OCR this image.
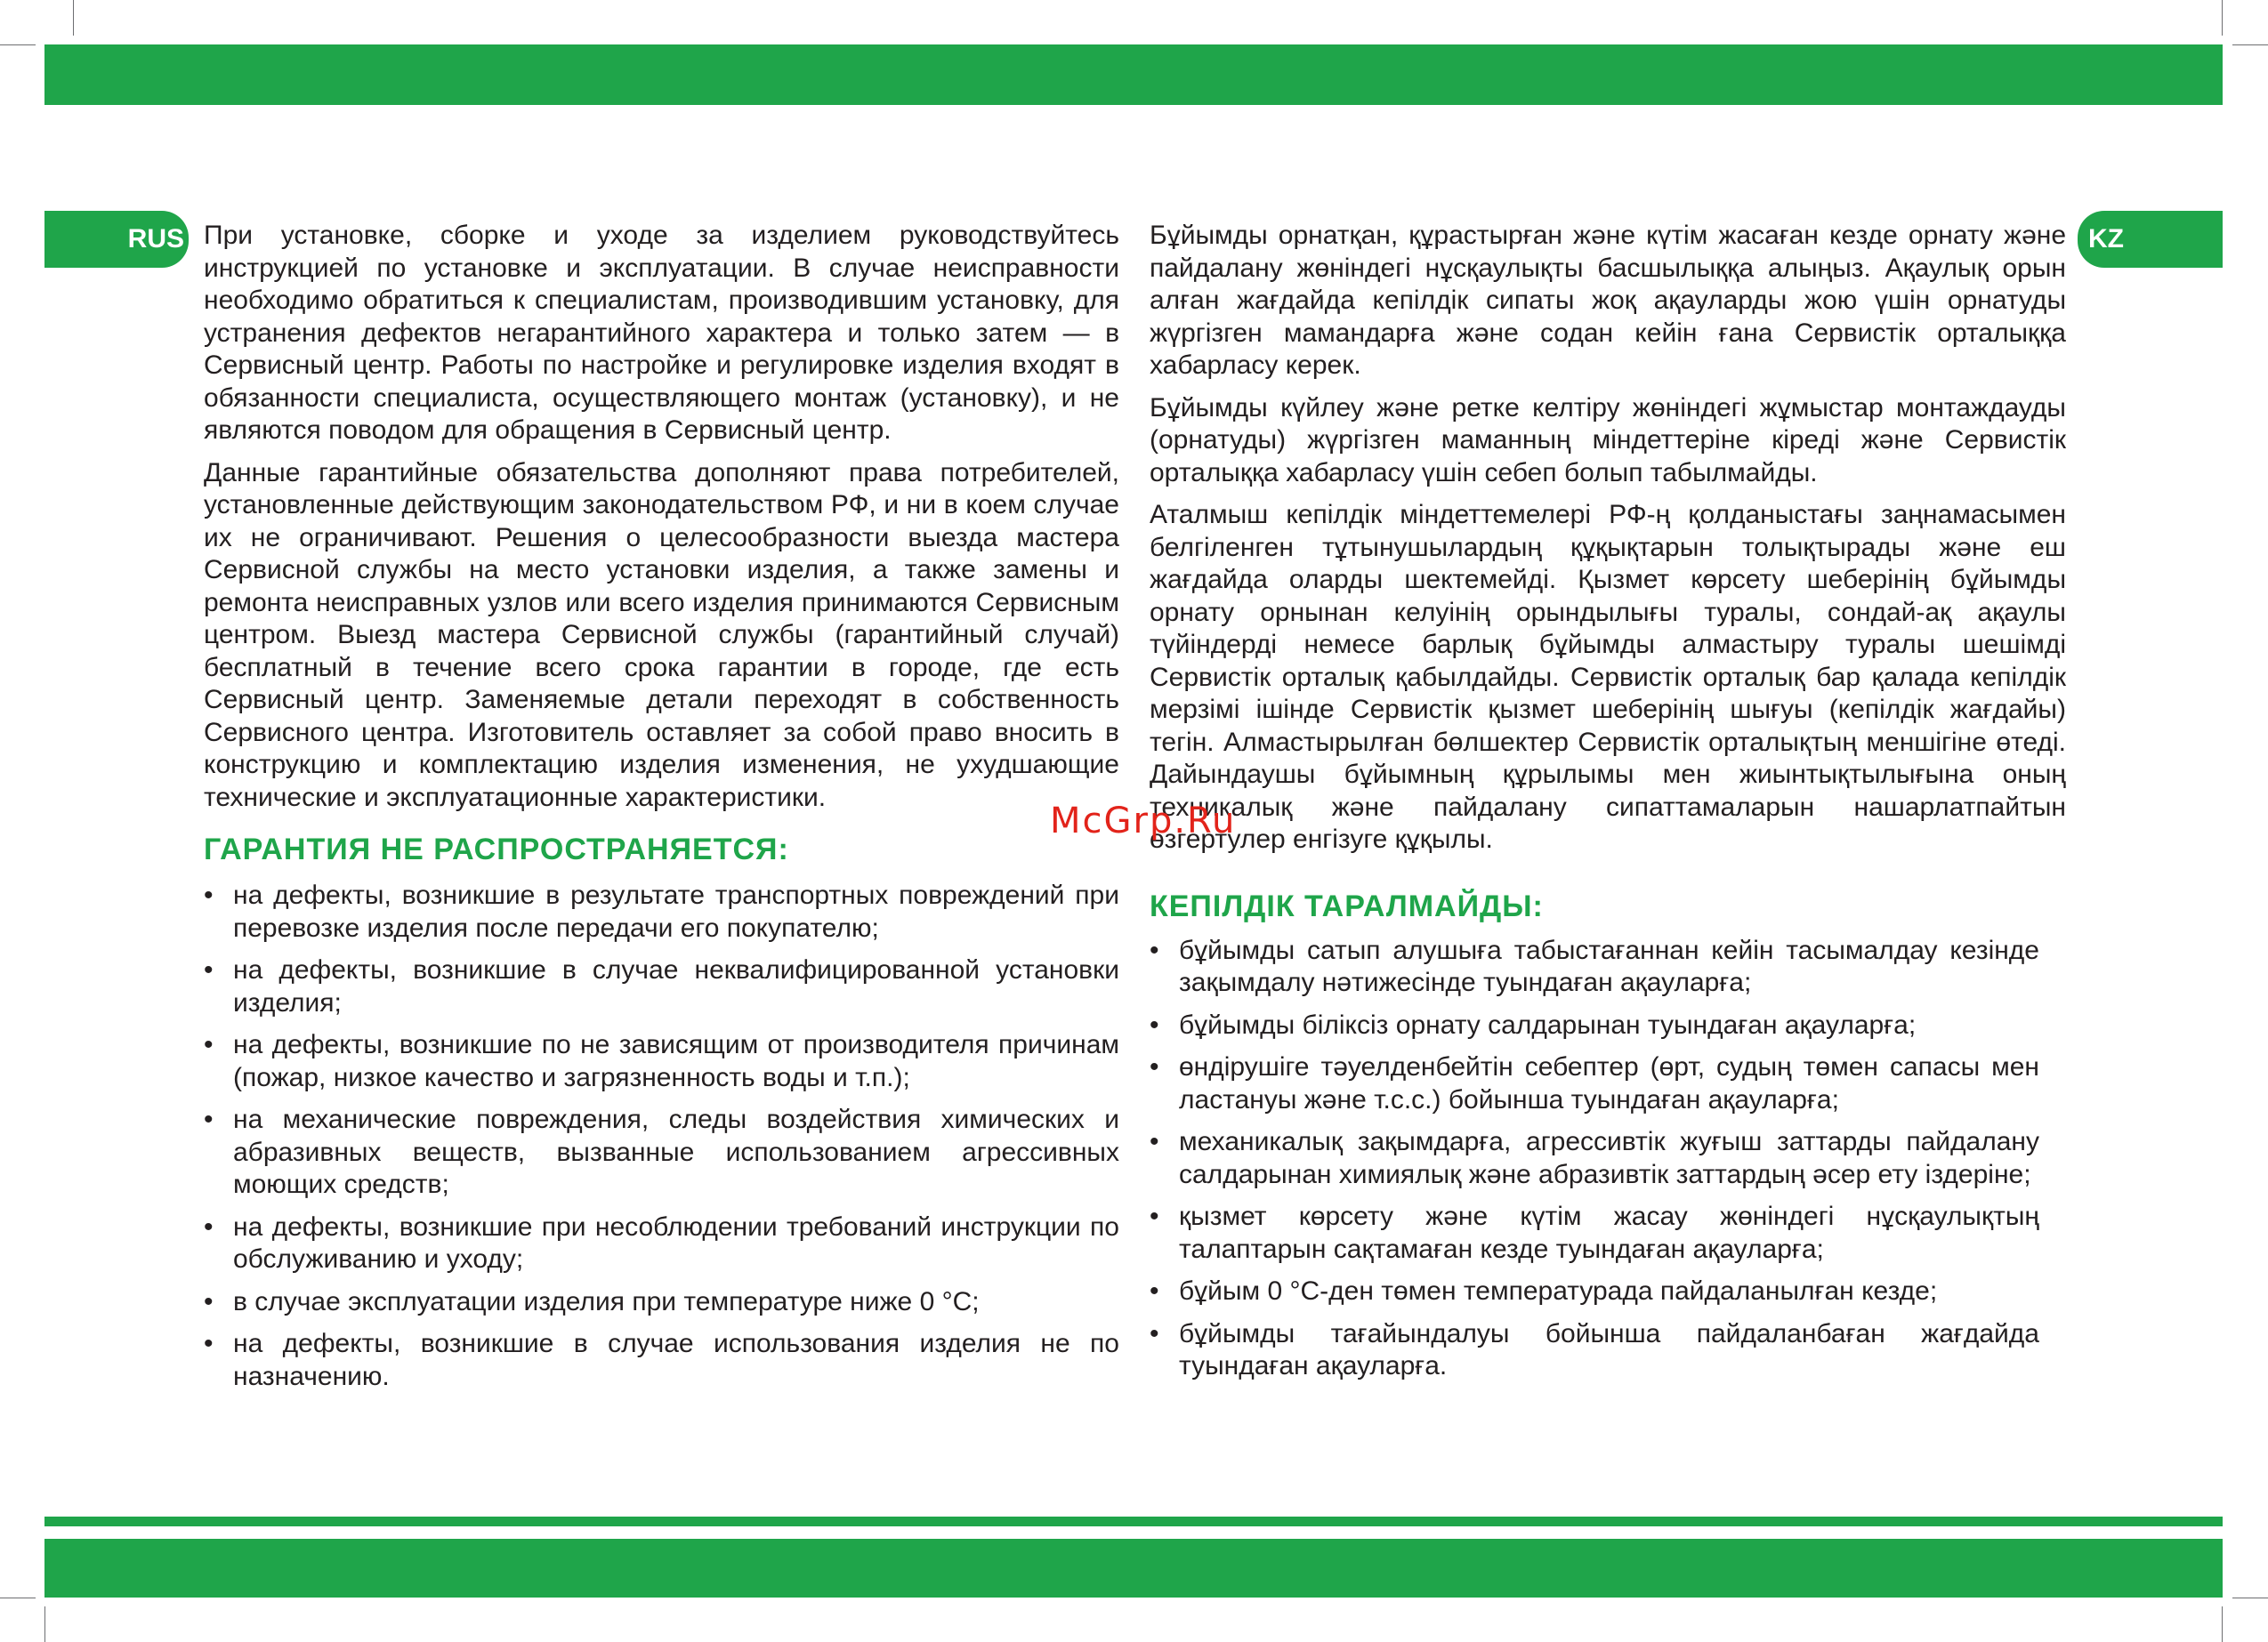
RUS	KZ

При установке, сборке и уходе за изделием руководствуйтесь инструкцией по установке и эксплуатации. В случае неисправности необходимо обратиться к специалистам, производившим установку, для устранения дефектов негарантийного характера и только затем — в Сервисный центр. Работы по настройке и регулировке изделия входят в обязанности специалиста, осуществляющего монтаж (установку), и не являются поводом для обращения в Сервисный центр.

Данные гарантийные обязательства дополняют права потребителей, установленные действующим законодательством РФ, и ни в коем случае их не ограничивают. Решения о целесообразности выезда мастера Сервисной службы на место установки изделия, а также замены и ремонта неисправных узлов или всего изделия принимаются Сервисным центром. Выезд мастера Сервисной службы (гарантийный случай) бесплатный в течение всего срока гарантии в городе, где есть Сервисный центр. Заменяемые детали переходят в собственность Сервисного центра. Изготовитель оставляет за собой право вносить в конструкцию и комплектацию изделия изменения, не ухудшающие технические и эксплуатационные характеристики.

ГАРАНТИЯ НЕ РАСПРОСТРАНЯЕТСЯ:
• на дефекты, возникшие в результате транспортных повреждений при перевозке изделия после передачи его покупателю;
• на дефекты, возникшие в случае неквалифицированной установки изделия;
• на дефекты, возникшие по не зависящим от производителя причинам (пожар, низкое качество и загрязненность воды и т.п.);
• на механические повреждения, следы воздействия химических и абразивных веществ, вызванные использованием агрессивных моющих средств;
• на дефекты, возникшие при несоблюдении требований инструкции по обслуживанию и уходу;
• в случае эксплуатации изделия при температуре ниже 0 °С;
• на дефекты, возникшие в случае использования изделия не по назначению.

Бұйымды орнатқан, құрастырған және күтім жасаған кезде орнату және пайдалану жөніндегі нұсқаулықты басшылыққа алыңыз. Ақаулық орын алған жағдайда кепілдік сипаты жоқ ақауларды жою үшін орнатуды жүргізген мамандарға және содан кейін ғана Сервистік орталыққа хабарласу керек.

Бұйымды күйлеу және ретке келтіру жөніндегі жұмыстар монтаждауды (орнатуды) жүргізген маманның міндеттеріне кіреді және Сервистік орталыққа хабарласу үшін себеп болып табылмайды.

Аталмыш кепілдік міндеттемелері РФ-ң қолданыстағы заңнамасымен белгіленген тұтынушылардың құқықтарын толықтырады және еш жағдайда оларды шектемейді. Қызмет көрсету шеберінің бұйымды орнату орнынан келуінің орындылығы туралы, сондай-ақ ақаулы түйіндерді немесе барлық бұйымды алмастыру туралы шешімді Сервистік орталық қабылдайды. Сервистік орталық бар қалада кепілдік мерзімі ішінде Сервистік қызмет шеберінің шығуы (кепілдік жағдайы) тегін. Алмастырылған бөлшектер Сервистік орталықтың меншігіне өтеді. Дайындаушы бұйымның құрылымы мен жиынтықтылығына оның техникалық және пайдалану сипаттамаларын нашарлатпайтын өзгертулер енгізуге құқылы.

КЕПІЛДІК ТАРАЛМАЙДЫ:
• бұйымды сатып алушыға табыстағаннан кейін тасымалдау кезінде зақымдалу нәтижесінде туындаған ақауларға;
• бұйымды біліксіз орнату салдарынан туындаған ақауларға;
• өндірушіге тәуелденбейтін себептер (өрт, судың төмен сапасы мен ластануы және т.с.с.) бойынша туындаған ақауларға;
• механикалық зақымдарға, агрессивтік жуғыш заттарды пайдалану салдарынан химиялық және абразивтік заттардың әсер ету іздеріне;
• қызмет көрсету және күтім жасау жөніндегі нұсқаулықтың талаптарын сақтамаған кезде туындаған ақауларға;
• бұйым 0 °С-ден төмен температурада пайдаланылған кезде;
• бұйымды тағайындалуы бойынша пайдаланбаған жағдайда туындаған ақауларға.
McGrp.Ru
